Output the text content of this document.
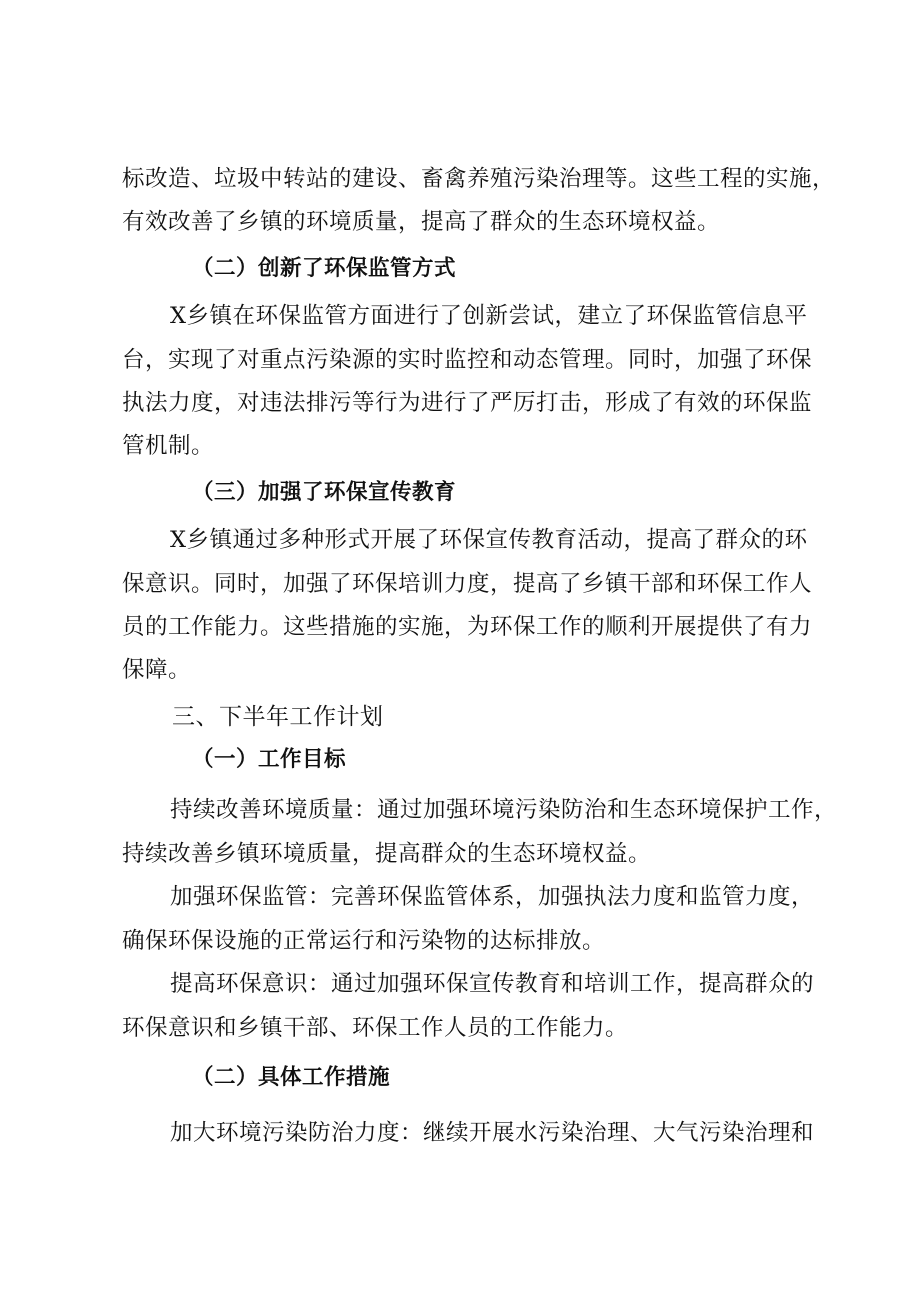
标改造、垃圾中转站的建设、畜禽养殖污染治理等。这些工程的实施，
有效改善了乡镇的环境质量，提高了群众的生态环境权益。
（二）创新了环保监管方式
X乡镇在环保监管方面进行了创新尝试，建立了环保监管信息平
台，实现了对重点污染源的实时监控和动态管理。同时，加强了环保
执法力度，对违法排污等行为进行了严厉打击，形成了有效的环保监
管机制。
（三）加强了环保宣传教育
X乡镇通过多种形式开展了环保宣传教育活动，提高了群众的环
保意识。同时，加强了环保培训力度，提高了乡镇干部和环保工作人
员的工作能力。这些措施的实施，为环保工作的顺利开展提供了有力
保障。
三、下半年工作计划
（一）工作目标
持续改善环境质量：通过加强环境污染防治和生态环境保护工作，
持续改善乡镇环境质量，提高群众的生态环境权益。
加强环保监管：完善环保监管体系，加强执法力度和监管力度，
确保环保设施的正常运行和污染物的达标排放。
提高环保意识：通过加强环保宣传教育和培训工作，提高群众的
环保意识和乡镇干部、环保工作人员的工作能力。
（二）具体工作措施
加大环境污染防治力度：继续开展水污染治理、大气污染治理和
